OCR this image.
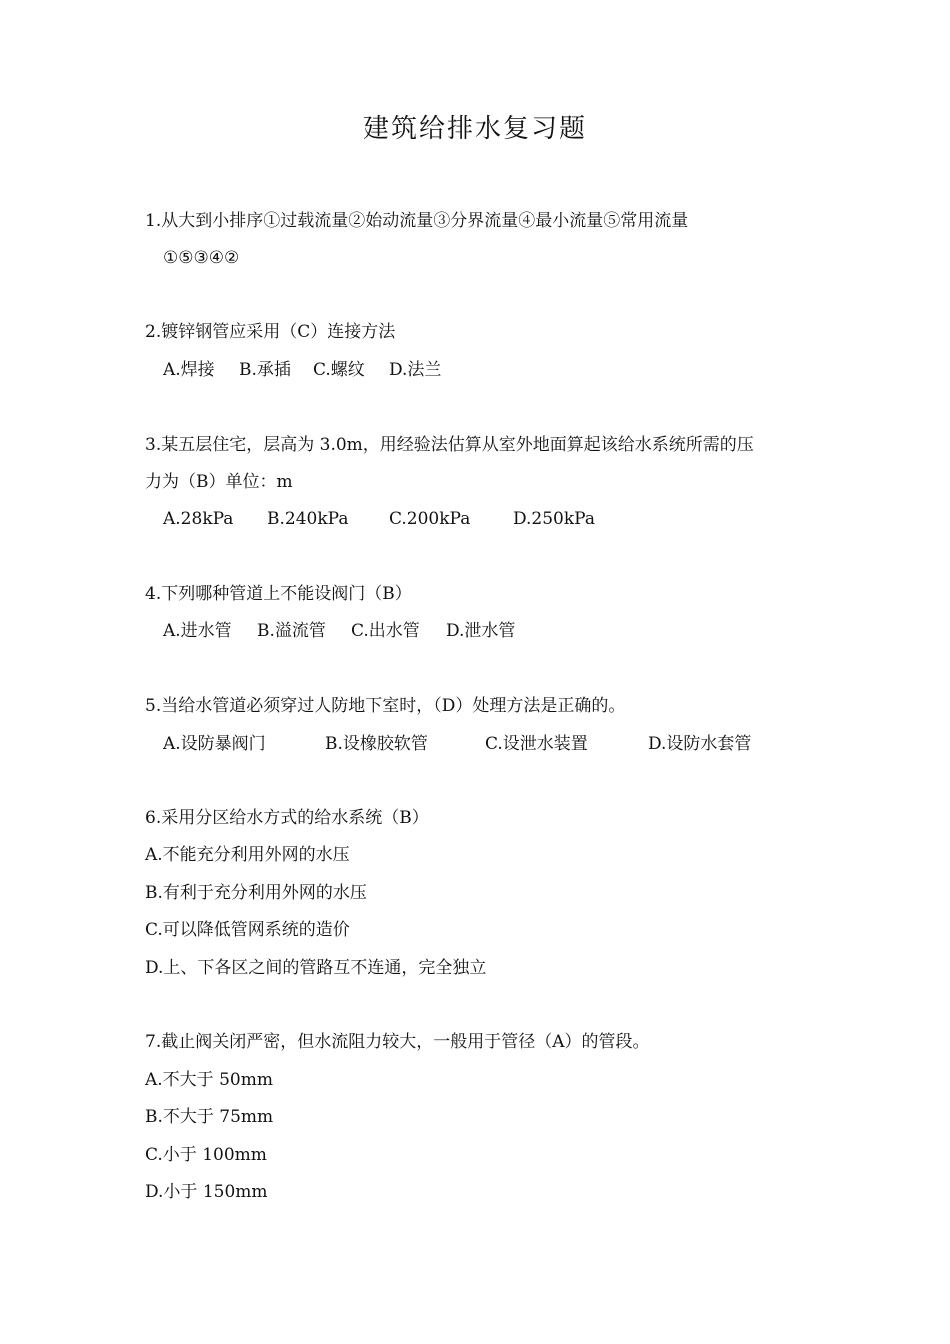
建筑给排水复习题

1.从大到小排序①过载流量②始动流量③分界流量④最小流量⑤常用流量

①⑤③④②

2.镀锌钢管应采用（C）连接方法

A.焊接 B.承插 C.螺纹 D.法兰

3.某五层住宅，层高为 3.0m，用经验法估算从室外地面算起该给水系统所需的压

力为（B）单位：m

A.28kPa B.240kPa C.200kPa	D.250kPa

4.下列哪种管道上不能设阀门（B）

A.进水管 B.溢流管 C.出水管 D.泄水管

5.当给水管道必须穿过人防地下室时，（D）处理方法是正确的。

A.设防暴阀门	B.设橡胶软管	C.设泄水装置	D.设防水套管

6.采用分区给水方式的给水系统（B）

A.不能充分利用外网的水压

B.有利于充分利用外网的水压

C.可以降低管网系统的造价

D.上、下各区之间的管路互不连通，完全独立

7.截止阀关闭严密，但水流阻力较大，一般用于管径（A）的管段。

A.不大于 50mm

B.不大于 75mm

C.小于 100mm

D.小于 150mm
